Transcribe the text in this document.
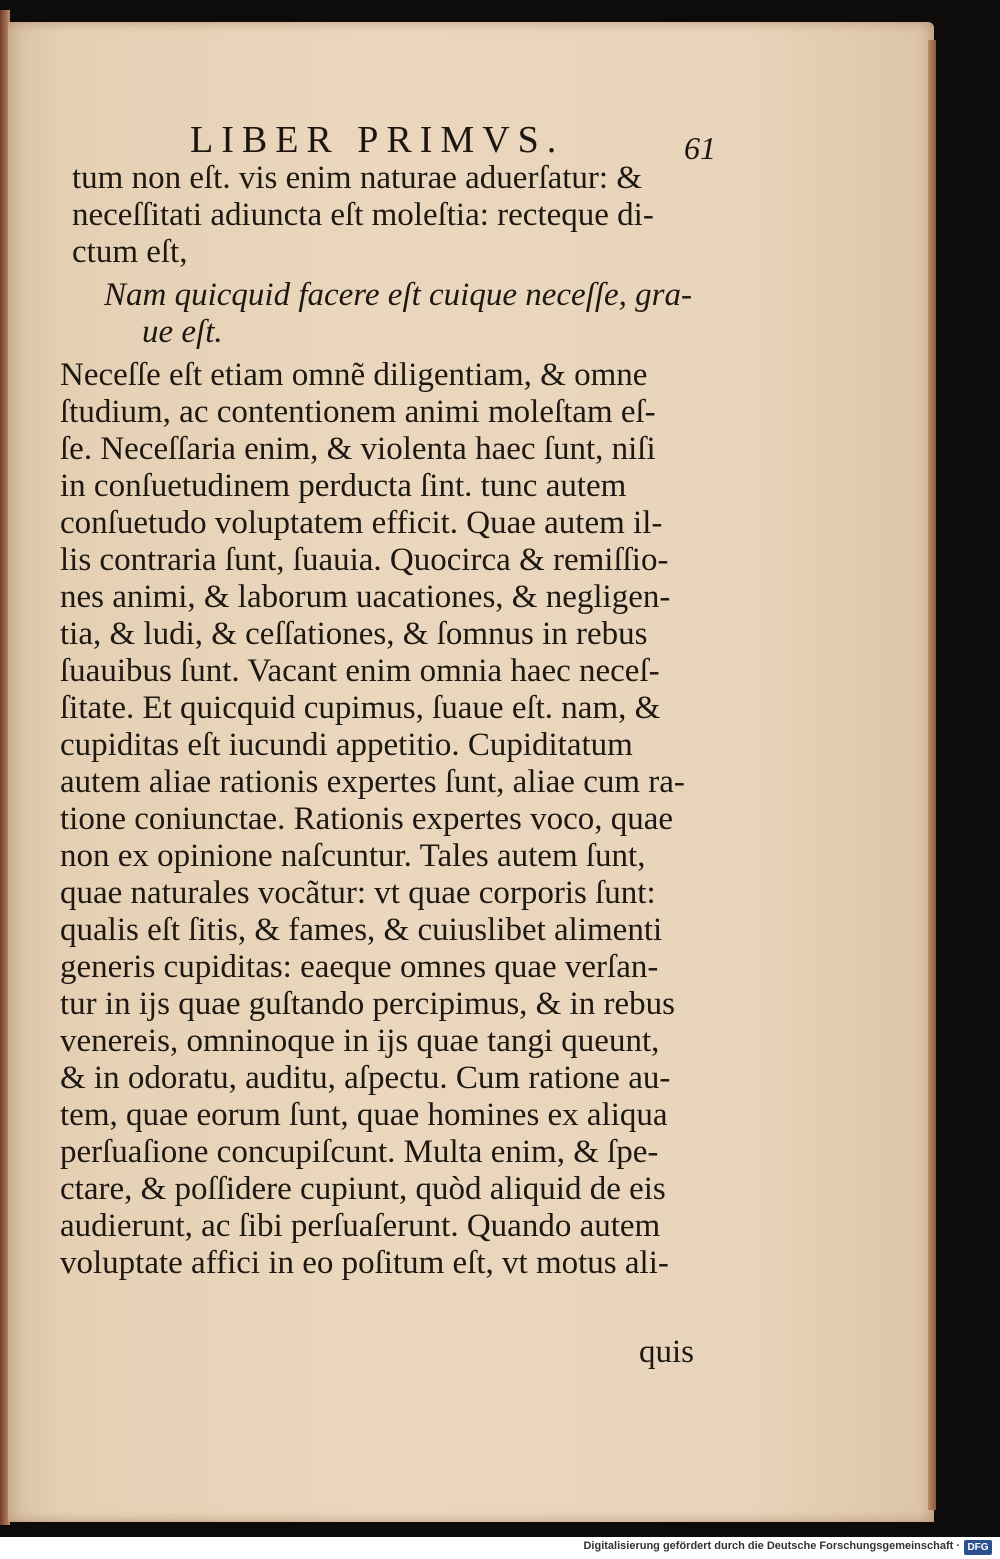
LIBER PRIMVS.	61
tum non eſt. vis enim naturae aduerſatur: &
neceſſitati adiuncta eſt moleſtia: recteque di-
ctum eſt,
Nam quicquid facere eſt cuique neceſſe, gra-
ue eſt.
Neceſſe eſt etiam omnẽ diligentiam, & omne
ſtudium, ac contentionem animi moleſtam eſ-
ſe. Neceſſaria enim, & violenta haec ſunt, niſi
in conſuetudinem perducta ſint. tunc autem
conſuetudo voluptatem efficit. Quae autem il-
lis contraria ſunt, ſuauia. Quocirca & remiſſio-
nes animi, & laborum uacationes, & negligen-
tia, & ludi, & ceſſationes, & ſomnus in rebus
ſuauibus ſunt. Vacant enim omnia haec neceſ-
ſitate. Et quicquid cupimus, ſuaue eſt. nam, &
cupiditas eſt iucundi appetitio. Cupiditatum
autem aliae rationis expertes ſunt, aliae cum ra-
tione coniunctae. Rationis expertes voco, quae
non ex opinione naſcuntur. Tales autem ſunt,
quae naturales vocãtur: vt quae corporis ſunt:
qualis eſt ſitis, & fames, & cuiuslibet alimenti
generis cupiditas: eaeque omnes quae verſan-
tur in ijs quae guſtando percipimus, & in rebus
venereis, omninoque in ijs quae tangi queunt,
& in odoratu, auditu, aſpectu. Cum ratione au-
tem, quae eorum ſunt, quae homines ex aliqua
perſuaſione concupiſcunt. Multa enim, & ſpe-
ctare, & poſſidere cupiunt, quòd aliquid de eis
audierunt, ac ſibi perſuaſerunt. Quando autem
voluptate affici in eo poſitum eſt, vt motus ali-
quis
Digitalisierung gefördert durch die Deutsche Forschungsgemeinschaft · DFG
